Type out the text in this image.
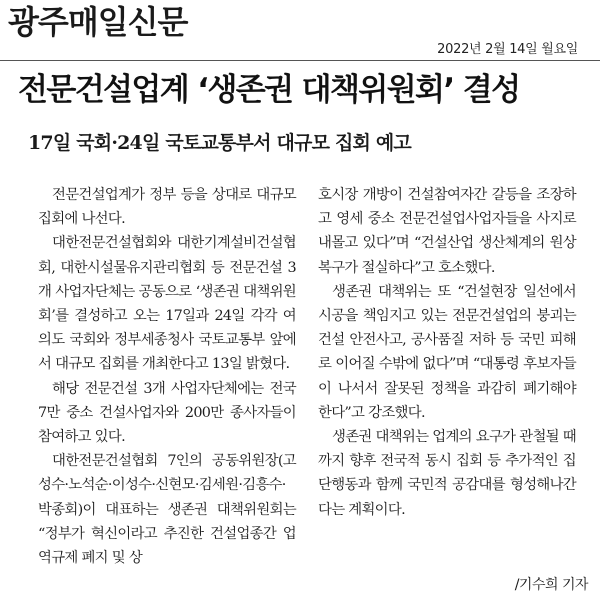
광주매일신문
2022년 2월 14일 월요일
전문건설업계 ‘생존권 대책위원회’ 결성
17일 국회·24일 국토교통부서 대규모 집회 예고

전문건설업계가 정부 등을 상대로 대규모 집회에 나선다.

대한전문건설협회와 대한기계설비건설협회, 대한시설물유지관리협회 등 전문건설 3개 사업자단체는 공동으로 ‘생존권 대책위원회’를 결성하고 오는 17일과 24일 각각 여의도 국회와 정부세종청사 국토교통부 앞에서 대규모 집회를 개최한다고 13일 밝혔다.

해당 전문건설 3개 사업자단체에는 전국 7만 중소 건설사업자와 200만 종사자들이 참여하고 있다.

대한전문건설협회 7인의 공동위원장(고성수·노석순·이성수·신현모·김세원·김흥수·박종회)이 대표하는 생존권 대책위원회는 “정부가 혁신이라고 추진한 건설업종간 업역규제 폐지 및 상

호시장 개방이 건설참여자간 갈등을 조장하고 영세 중소 전문건설업사업자들을 사지로 내몰고 있다”며 “건설산업 생산체계의 원상 복구가 절실하다”고 호소했다.

생존권 대책위는 또 “건설현장 일선에서 시공을 책임지고 있는 전문건설업의 붕괴는 건설 안전사고, 공사품질 저하 등 국민 피해로 이어질 수밖에 없다”며 “대통령 후보자들이 나서서 잘못된 정책을 과감히 폐기해야 한다”고 강조했다.

생존권 대책위는 업계의 요구가 관철될 때까지 향후 전국적 동시 집회 등 추가적인 집단행동과 함께 국민적 공감대를 형성해나간다는 계획이다.

/기수희 기자
